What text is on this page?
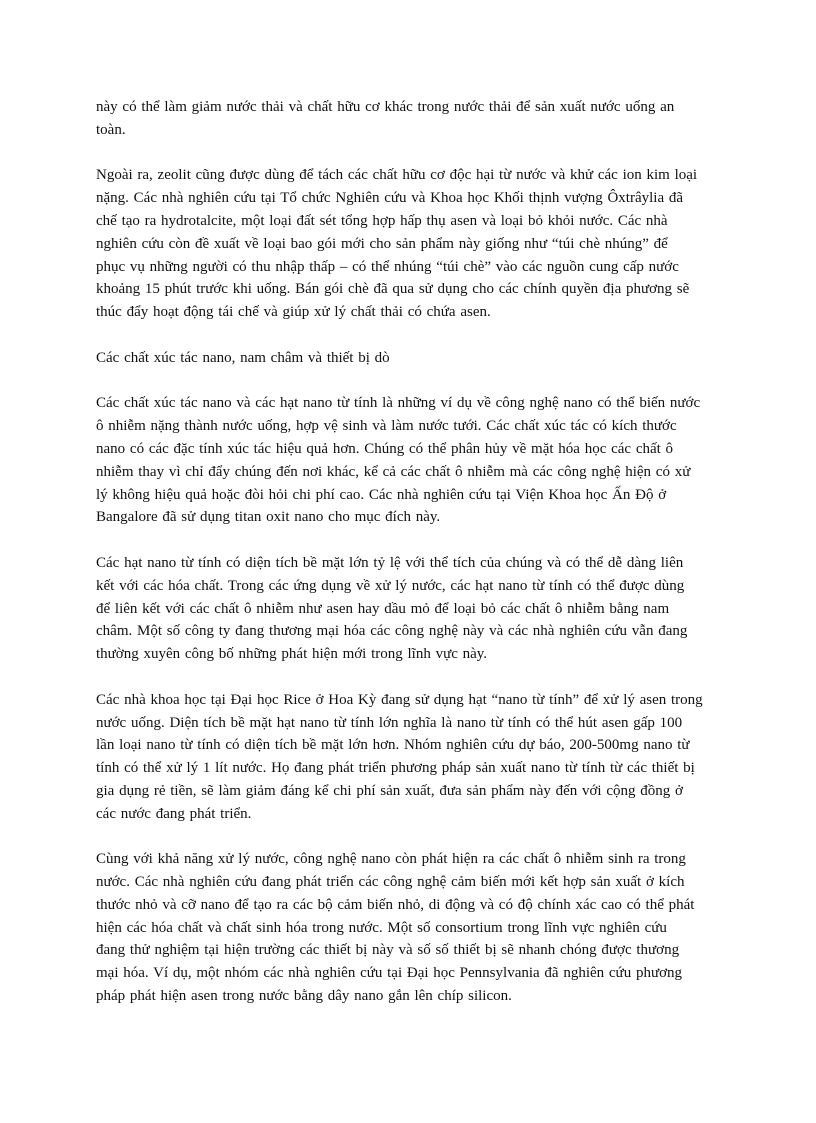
này có thể làm giảm nước thải và chất hữu cơ khác trong nước thải để sản xuất nước uống an
toàn.
Ngoài ra, zeolit cũng được dùng để tách các chất hữu cơ độc hại từ nước và khử các ion kim loại
nặng. Các nhà nghiên cứu tại Tổ chức Nghiên cứu và Khoa học Khối thịnh vượng Ôxtrâylia đã
chế tạo ra hydrotalcite, một loại đất sét tổng hợp hấp thụ asen và loại bỏ khỏi nước. Các nhà
nghiên cứu còn đề xuất về loại bao gói mới cho sản phẩm này giống như “túi chè nhúng” để
phục vụ những người có thu nhập thấp – có thể nhúng “túi chè” vào các nguồn cung cấp nước
khoảng 15 phút trước khi uống. Bán gói chè đã qua sử dụng cho các chính quyền địa phương sẽ
thúc đẩy hoạt động tái chế và giúp xử lý chất thải có chứa asen.
Các chất xúc tác nano, nam châm và thiết bị dò
Các chất xúc tác nano và các hạt nano từ tính là những ví dụ về công nghệ nano có thể biến nước
ô nhiễm nặng thành nước uống, hợp vệ sinh và làm nước tưới. Các chất xúc tác có kích thước
nano có các đặc tính xúc tác hiệu quả hơn. Chúng có thể phân hủy về mặt hóa học các chất ô
nhiễm thay vì chỉ đẩy chúng đến nơi khác, kể cả các chất ô nhiễm mà các công nghệ hiện có xử
lý không hiệu quả hoặc đòi hỏi chi phí cao. Các nhà nghiên cứu tại Viện Khoa học Ấn Độ ở
Bangalore đã sử dụng titan oxit nano cho mục đích này.
Các hạt nano từ tính có diện tích bề mặt lớn tỷ lệ với thể tích của chúng và có thể dễ dàng liên
kết với các hóa chất. Trong các ứng dụng về xử lý nước, các hạt nano từ tính có thể được dùng
để liên kết với các chất ô nhiễm như asen hay dầu mỏ để loại bỏ các chất ô nhiễm bằng nam
châm. Một số công ty đang thương mại hóa các công nghệ này và các nhà nghiên cứu vẫn đang
thường xuyên công bố những phát hiện mới trong lĩnh vực này.
Các nhà khoa học tại Đại học Rice ở Hoa Kỳ đang sử dụng hạt “nano từ tính” để xử lý asen trong
nước uống. Diện tích bề mặt hạt nano từ tính lớn nghĩa là nano từ tính có thể hút asen gấp 100
lần loại nano từ tính có diện tích bề mặt lớn hơn. Nhóm nghiên cứu dự báo, 200-500mg nano từ
tính có thể xử lý 1 lít nước. Họ đang phát triển phương pháp sản xuất nano từ tính từ các thiết bị
gia dụng rẻ tiền, sẽ làm giảm đáng kể chi phí sản xuất, đưa sản phẩm này đến với cộng đồng ở
các nước đang phát triển.
Cùng với khả năng xử lý nước, công nghệ nano còn phát hiện ra các chất ô nhiễm sinh ra trong
nước. Các nhà nghiên cứu đang phát triển các công nghệ cảm biến mới kết hợp sản xuất ở kích
thước nhỏ và cỡ nano để tạo ra các bộ cảm biến nhỏ, di động và có độ chính xác cao có thể phát
hiện các hóa chất và chất sinh hóa trong nước. Một số consortium trong lĩnh vực nghiên cứu
đang thử nghiệm tại hiện trường các thiết bị này và số số thiết bị sẽ nhanh chóng được thương
mại hóa. Ví dụ, một nhóm các nhà nghiên cứu tại Đại học Pennsylvania đã nghiên cứu phương
pháp phát hiện asen trong nước bằng dây nano gắn lên chíp silicon.
